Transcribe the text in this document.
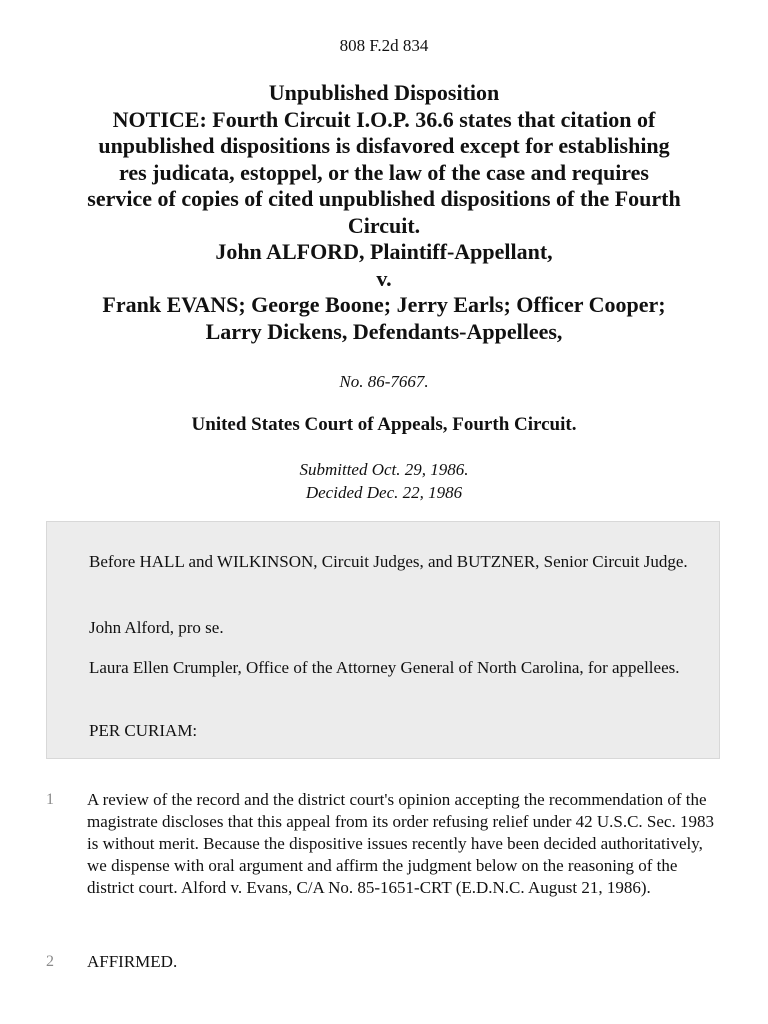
808 F.2d 834
Unpublished Disposition
NOTICE: Fourth Circuit I.O.P. 36.6 states that citation of
unpublished dispositions is disfavored except for establishing
res judicata, estoppel, or the law of the case and requires
service of copies of cited unpublished dispositions of the Fourth
Circuit.
John ALFORD, Plaintiff-Appellant,
v.
Frank EVANS; George Boone; Jerry Earls; Officer Cooper;
Larry Dickens, Defendants-Appellees,
No. 86-7667.
United States Court of Appeals, Fourth Circuit.
Submitted Oct. 29, 1986.
Decided Dec. 22, 1986

Before HALL and WILKINSON, Circuit Judges, and BUTZNER, Senior Circuit Judge.

John Alford, pro se.

Laura Ellen Crumpler, Office of the Attorney General of North Carolina, for appellees.

PER CURIAM:

1 A review of the record and the district court's opinion accepting the recommendation of the magistrate discloses that this appeal from its order refusing relief under 42 U.S.C. Sec. 1983 is without merit. Because the dispositive issues recently have been decided authoritatively, we dispense with oral argument and affirm the judgment below on the reasoning of the district court. Alford v. Evans, C/A No. 85-1651-CRT (E.D.N.C. August 21, 1986).
2 AFFIRMED.
